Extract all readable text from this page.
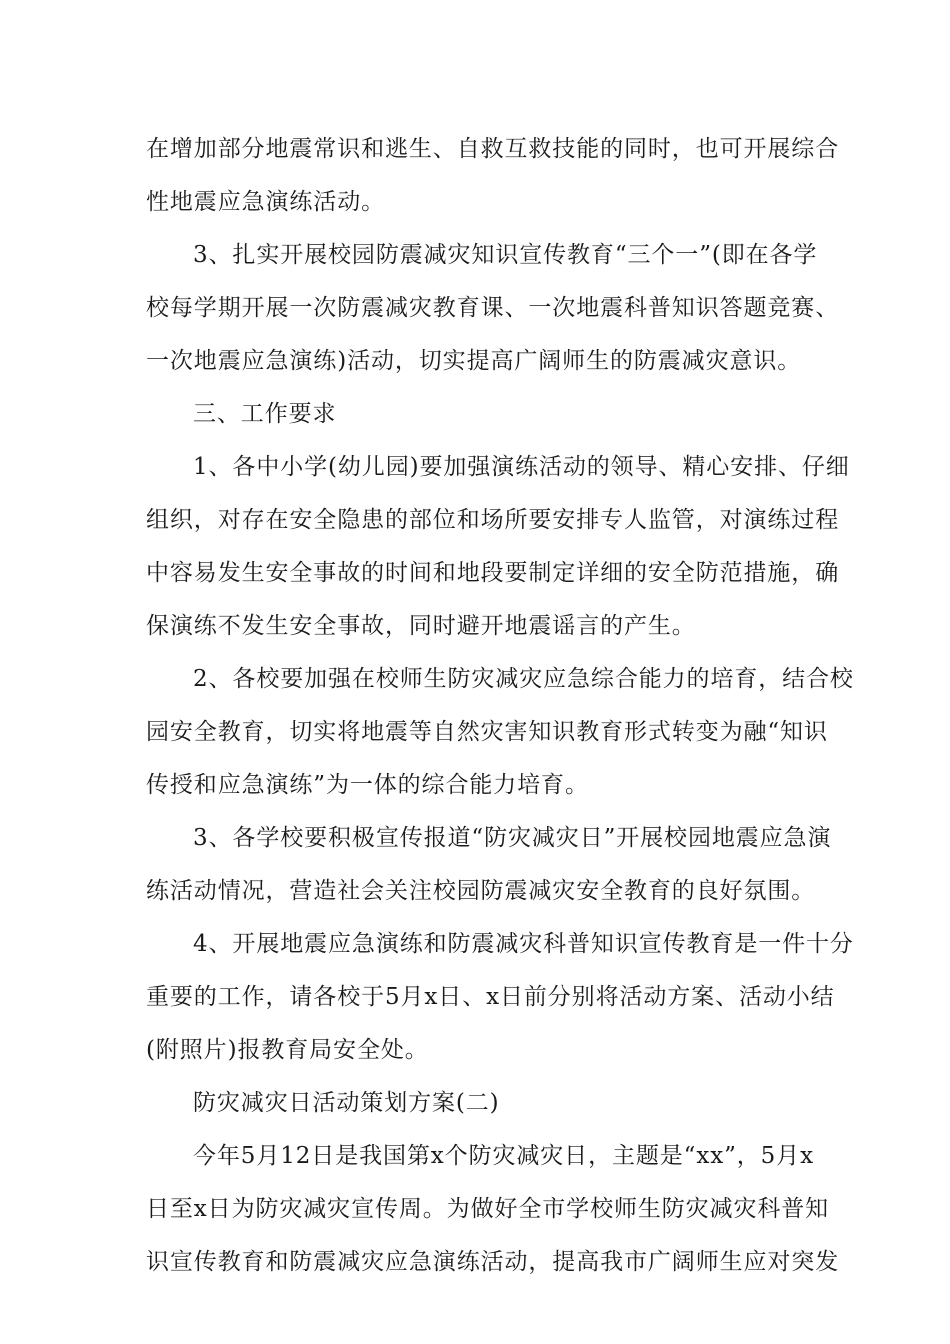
在增加部分地震常识和逃生、自救互救技能的同时，也可开展综合
性地震应急演练活动。
3、扎实开展校园防震减灾知识宣传教育“三个一”(即在各学
校每学期开展一次防震减灾教育课、一次地震科普知识答题竞赛、
一次地震应急演练)活动，切实提高广阔师生的防震减灾意识。
三、工作要求
1、各中小学(幼儿园)要加强演练活动的领导、精心安排、仔细
组织，对存在安全隐患的部位和场所要安排专人监管，对演练过程
中容易发生安全事故的时间和地段要制定详细的安全防范措施，确
保演练不发生安全事故，同时避开地震谣言的产生。
2、各校要加强在校师生防灾减灾应急综合能力的培育，结合校
园安全教育，切实将地震等自然灾害知识教育形式转变为融“知识
传授和应急演练”为一体的综合能力培育。
3、各学校要积极宣传报道“防灾减灾日”开展校园地震应急演
练活动情况，营造社会关注校园防震减灾安全教育的良好氛围。
4、开展地震应急演练和防震减灾科普知识宣传教育是一件十分
重要的工作，请各校于5月x日、x日前分别将活动方案、活动小结
(附照片)报教育局安全处。
防灾减灾日活动策划方案(二)
今年5月12日是我国第x个防灾减灾日，主题是“xx”，5月x
日至x日为防灾减灾宣传周。为做好全市学校师生防灾减灾科普知
识宣传教育和防震减灾应急演练活动，提高我市广阔师生应对突发
